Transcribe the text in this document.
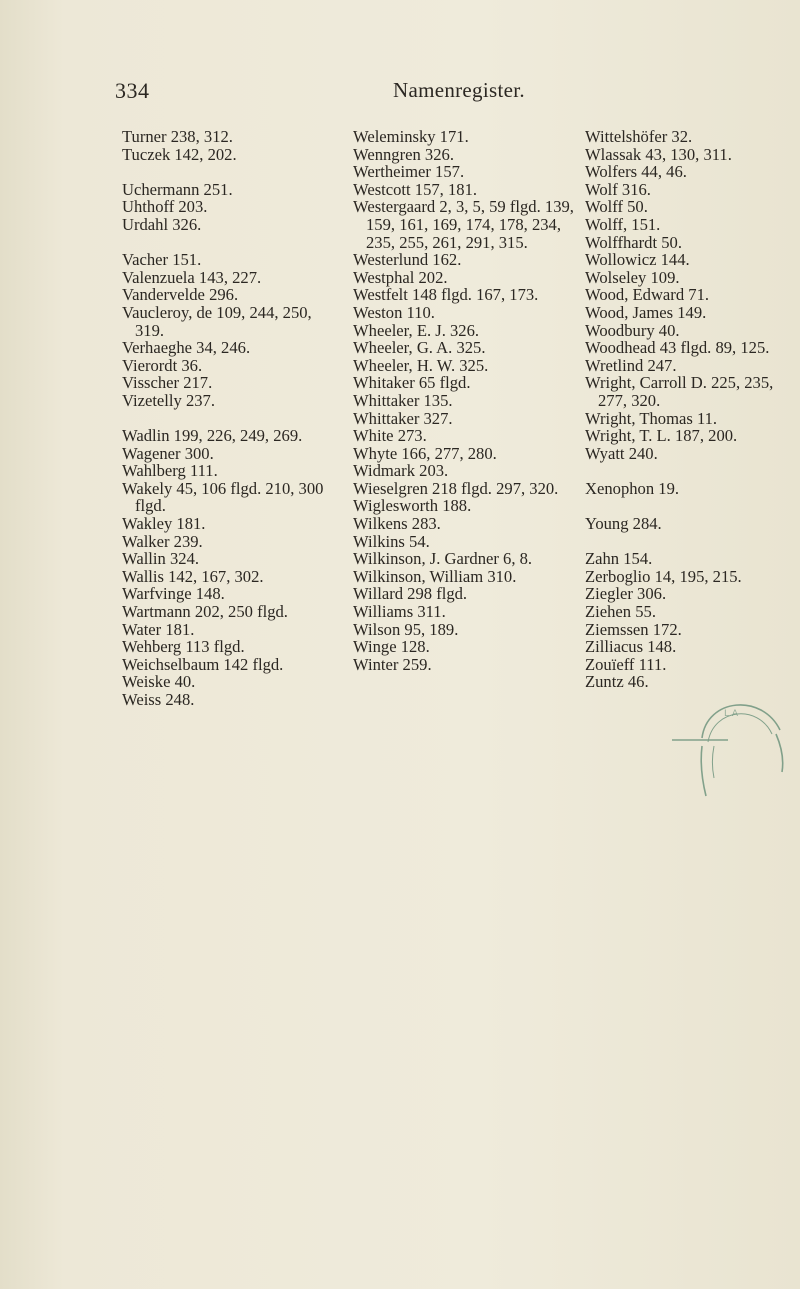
334	Namenregister.
Turner 238, 312.
Tuczek 142, 202.
Uchermann 251.
Uhthoff 203.
Urdahl 326.
Vacher 151.
Valenzuela 143, 227.
Vandervelde 296.
Vaucleroy, de 109, 244, 250, 319.
Verhaeghe 34, 246.
Vierordt 36.
Visscher 217.
Vizetelly 237.
Wadlin 199, 226, 249, 269.
Wagener 300.
Wahlberg 111.
Wakely 45, 106 flgd. 210, 300 flgd.
Wakley 181.
Walker 239.
Wallin 324.
Wallis 142, 167, 302.
Warfvinge 148.
Wartmann 202, 250 flgd.
Water 181.
Wehberg 113 flgd.
Weichselbaum 142 flgd.
Weiske 40.
Weiss 248.
Weleminsky 171.
Wenngren 326.
Wertheimer 157.
Westcott 157, 181.
Westergaard 2, 3, 5, 59 flgd. 139, 159, 161, 169, 174, 178, 234, 235, 255, 261, 291, 315.
Westerlund 162.
Westphal 202.
Westfelt 148 flgd. 167, 173.
Weston 110.
Wheeler, E. J. 326.
Wheeler, G. A. 325.
Wheeler, H. W. 325.
Whitaker 65 flgd.
Whittaker 135.
Whittaker 327.
White 273.
Whyte 166, 277, 280.
Widmark 203.
Wieselgren 218 flgd. 297, 320.
Wiglesworth 188.
Wilkens 283.
Wilkins 54.
Wilkinson, J. Gardner 6, 8.
Wilkinson, William 310.
Willard 298 flgd.
Williams 311.
Wilson 95, 189.
Winge 128.
Winter 259.
Wittelshöfer 32.
Wlassak 43, 130, 311.
Wolfers 44, 46.
Wolf 316.
Wolff 50.
Wolff, 151.
Wolffhardt 50.
Wollowicz 144.
Wolseley 109.
Wood, Edward 71.
Wood, James 149.
Woodbury 40.
Woodhead 43 flgd. 89, 125.
Wretlind 247.
Wright, Carroll D. 225, 235, 277, 320.
Wright, Thomas 11.
Wright, T. L. 187, 200.
Wyatt 240.
Xenophon 19.
Young 284.
Zahn 154.
Zerboglio 14, 195, 215.
Ziegler 306.
Ziehen 55.
Ziemssen 172.
Zilliacus 148.
Zouïeff 111.
Zuntz 46.
L A
